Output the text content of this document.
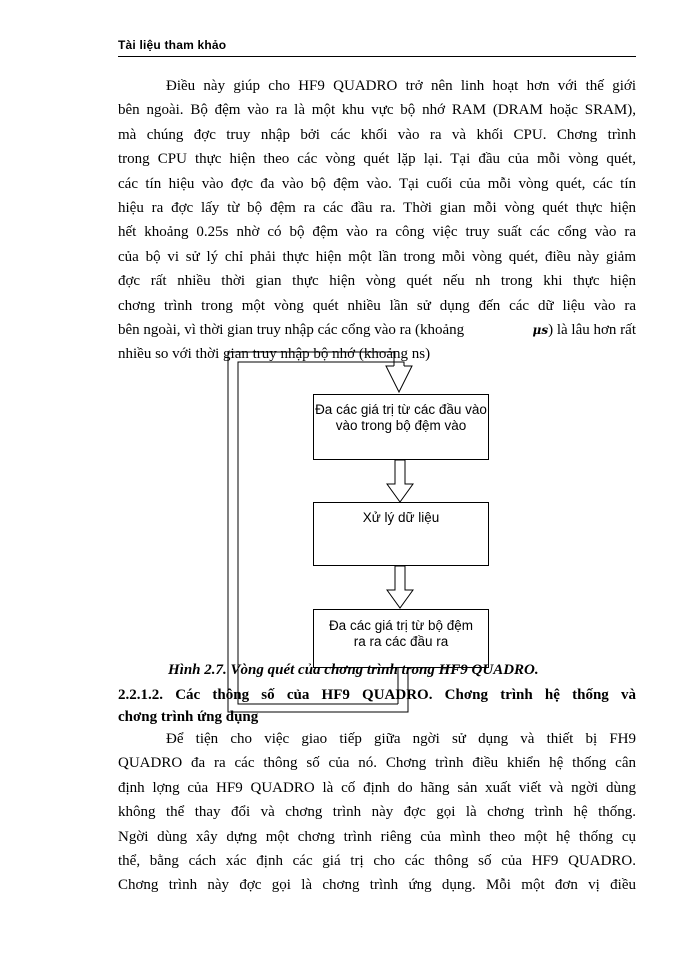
Tài liệu tham khảo
Điều này giúp cho HF9 QUADRO trở nên linh hoạt hơn với thế giới
bên ngoài. Bộ đệm vào ra là một khu vực bộ nhớ RAM (DRAM hoặc SRAM),
mà chúng đợc truy nhập bởi các khối vào ra và khối CPU. Chơng trình
trong CPU thực hiện theo các vòng quét lặp lại. Tại đầu của mỗi vòng quét,
các tín hiệu vào đợc đa vào bộ đệm vào. Tại cuối của mỗi vòng quét, các tín
hiệu ra đợc lấy từ bộ đệm ra các đầu ra. Thời gian mỗi vòng quét thực hiện
hết khoảng 0.25s nhờ có bộ đệm vào ra công việc truy suất các cổng vào ra
của bộ vi sử lý chỉ phải thực hiện một lần trong mỗi vòng quét, điều này giảm
đợc rất nhiều thời gian thực hiện vòng quét nếu nh trong khi thực hiện
chơng trình trong một vòng quét nhiều lần sử dụng đến các dữ liệu vào ra
bên ngoài, vì thời gian truy nhập các cổng vào ra (khoảng	μs) là lâu hơn rất
nhiều so với thời gian truy nhập bộ nhớ (khoảng ns)
Đa các giá trị từ các đầu vào vào trong bộ đệm vào
Xử lý dữ liệu
Đa các giá trị từ bộ đệm ra ra các đầu ra
Hình 2.7. Vòng quét của chơng trình trong HF9 QUADRO.
2.2.1.2. Các thông số của HF9 QUADRO. Chơng trình hệ thống và
chơng trình ứng dụng
Để tiện cho việc giao tiếp giữa ngời sử dụng và thiết bị FH9
QUADRO đa ra các thông số của nó. Chơng trình điều khiển hệ thống cân
định lợng của HF9 QUADRO là cố định do hãng sản xuất viết và ngời dùng
không thể thay đổi và chơng trình này đợc gọi là chơng trình hệ thống.
Ngời dùng xây dựng một chơng trình riêng của mình theo một hệ thống cụ
thể, bằng cách xác định các giá trị cho các thông số của HF9 QUADRO.
Chơng trình này đợc gọi là chơng trình ứng dụng. Mỗi một đơn vị điều
